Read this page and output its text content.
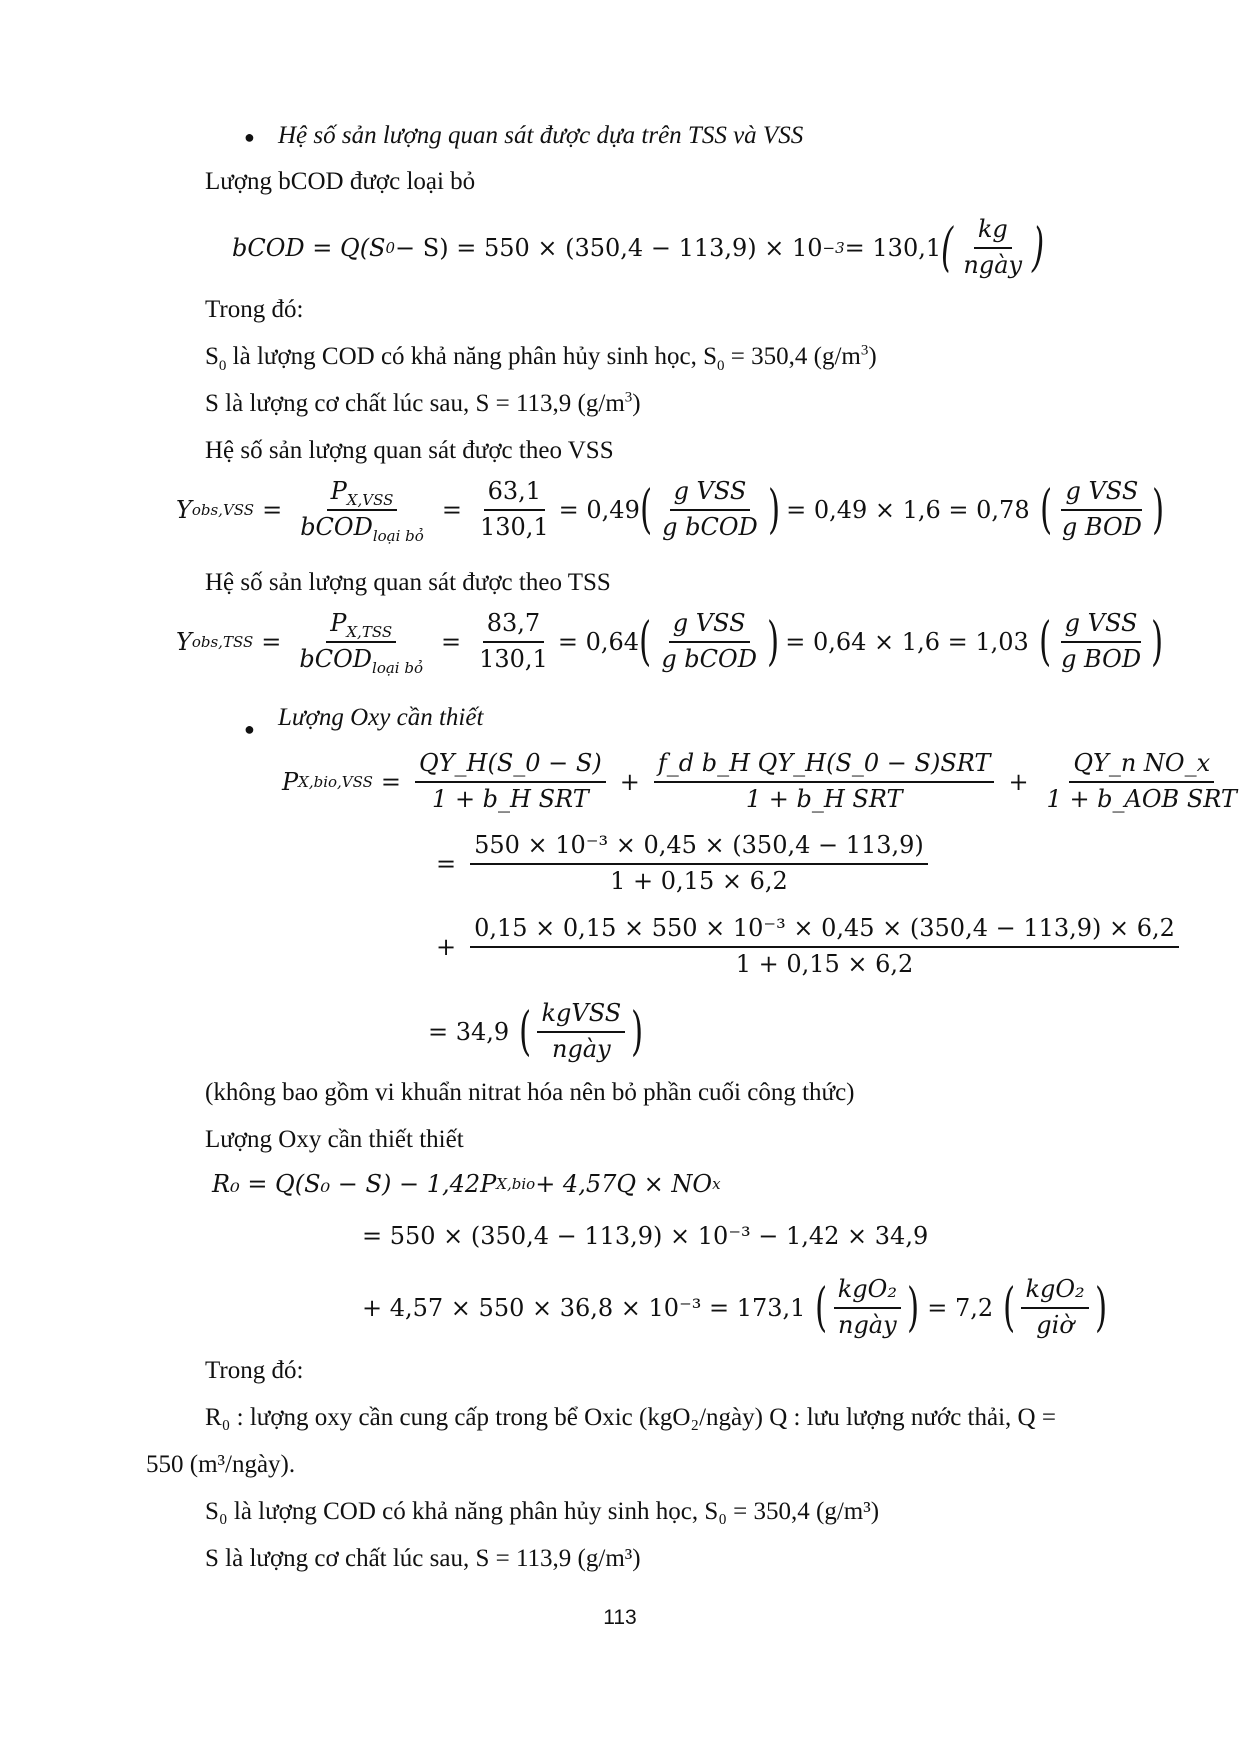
● Hệ số sản lượng quan sát được dựa trên TSS và VSS
Lượng bCOD được loại bỏ
bCOD = Q(S 0 − S) = 550 × (350,4 − 113,9) × 10 −3 = 130,1 ( $\frac{kg}{\text{ngày}}$ )
Trong đó:
$S_0$ là lượng COD có khả năng phân hủy sinh học, $S_0 = 350,4$ $(g/m^3)$
S là lượng cơ chất lúc sau, S = 113,9 $(g/m^3)$
Hệ số sản lượng quan sát được theo VSS
Y $obs,VSS = \frac{P_{X,VSS}}{bCOD_{loại bỏ}} = \frac{63,1}{130,1} = 0,49$ ( $\frac{\text{g VSS}}{\text{g bCOD}}$ ) = 0,49 × 1,6 = 0,78 ( $\frac{\text{g VSS}}{\text{g BOD}}$ )
Hệ số sản lượng quan sát được theo TSS
Y $obs,TSS = \frac{P_{X,TSS}}{bCOD_{loại bỏ}} = \frac{83,7}{130,1} = 0,64$ ( $\frac{\text{g VSS}}{\text{g bCOD}}$ ) = 0,64 × 1,6 = 1,03 ( $\frac{\text{g VSS}}{\text{g BOD}}$ )
● Lượng Oxy cần thiết
P $X,bio,VSS = \frac{QY\_H(S\_0 - S)}{\text{1 + b\_H SRT}} + \frac{\text{f\_d b\_H QY\_H(S\_0 − S)SRT}}{\text{1 + b\_H SRT}} + \frac{\text{QY\_n NO\_x}}{\text{1 + b\_AOB SRT}}$
= $\frac{\text{550 × 10⁻³ × 0,45 × (350,4 − 113,9)}}{1 + 0,15 \times 6,2}$
+ $\frac{\text{0,15 × 0,15 × 550 × 10⁻³ × 0,45 × (350,4 − 113,9) × 6,2}}{1 + 0,15 \times 6,2}$
= 34,9 ( $\frac{\text{kgVSS}}{\text{ngày}}$ )
(không bao gồm vi khuẩn nitrat hóa nên bỏ phần cuối công thức)
Lượng Oxy cần thiết thiết
R₀ = Q(S₀ − S) − 1,42P X,bio + 4,57Q × NO x
= 550 × (350,4 − 113,9) × 10⁻³ − 1,42 × 34,9
+ 4,57 × 550 × 36,8 × 10⁻³ = 173,1 ( $\frac{\text{kgO₂}}{\text{ngày}}$ ) = 7,2 ( $\frac{\text{kgO₂}}{\text{giờ}}$ )
Trong đó:
R₀ : lượng oxy cần cung cấp trong bể Oxic (kgO₂/ngày) Q : lưu lượng nước thải, Q =
550 (m³/ngày).
S₀ là lượng COD có khả năng phân hủy sinh học, S₀ = 350,4 (g/m³)
S là lượng cơ chất lúc sau, S = 113,9 (g/m³)
113
